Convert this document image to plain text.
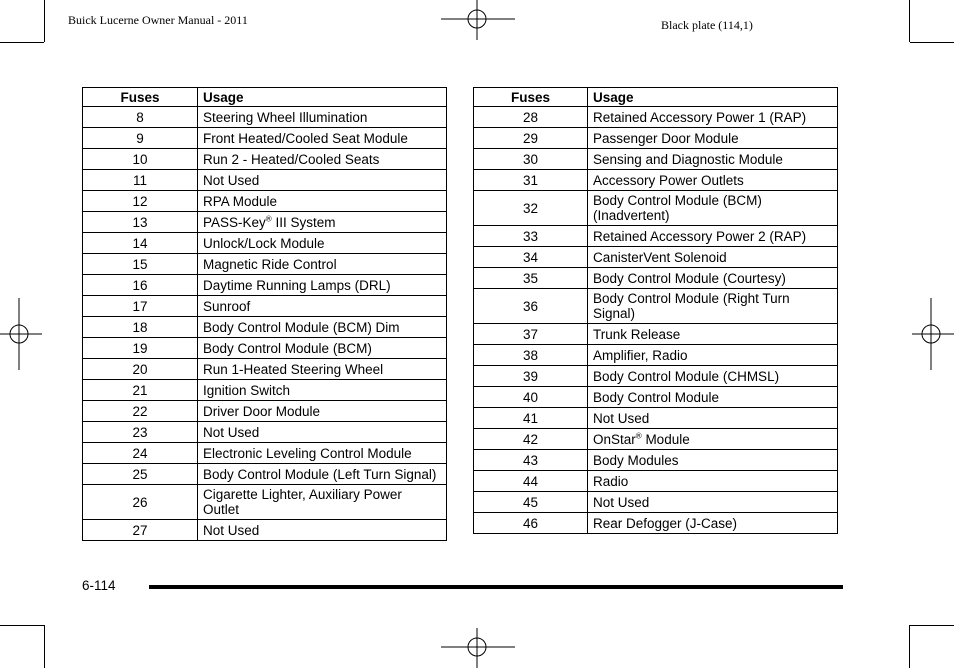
Buick Lucerne Owner Manual - 2011	Black plate (114,1)
Fuses	Usage
8	Steering Wheel Illumination
9	Front Heated/Cooled Seat Module
10	Run 2 - Heated/Cooled Seats
11	Not Used
12	RPA Module
13	PASS-Key® III System
14	Unlock/Lock Module
15	Magnetic Ride Control
16	Daytime Running Lamps (DRL)
17	Sunroof
18	Body Control Module (BCM) Dim
19	Body Control Module (BCM)
20	Run 1-Heated Steering Wheel
21	Ignition Switch
22	Driver Door Module
23	Not Used
24	Electronic Leveling Control Module
25	Body Control Module (Left Turn Signal)
26	Cigarette Lighter, Auxiliary Power Outlet
27	Not Used
Fuses	Usage
28	Retained Accessory Power 1 (RAP)
29	Passenger Door Module
30	Sensing and Diagnostic Module
31	Accessory Power Outlets
32	Body Control Module (BCM) (Inadvertent)
33	Retained Accessory Power 2 (RAP)
34	CanisterVent Solenoid
35	Body Control Module (Courtesy)
36	Body Control Module (Right Turn Signal)
37	Trunk Release
38	Amplifier, Radio
39	Body Control Module (CHMSL)
40	Body Control Module
41	Not Used
42	OnStar® Module
43	Body Modules
44	Radio
45	Not Used
46	Rear Defogger (J-Case)
6-114
